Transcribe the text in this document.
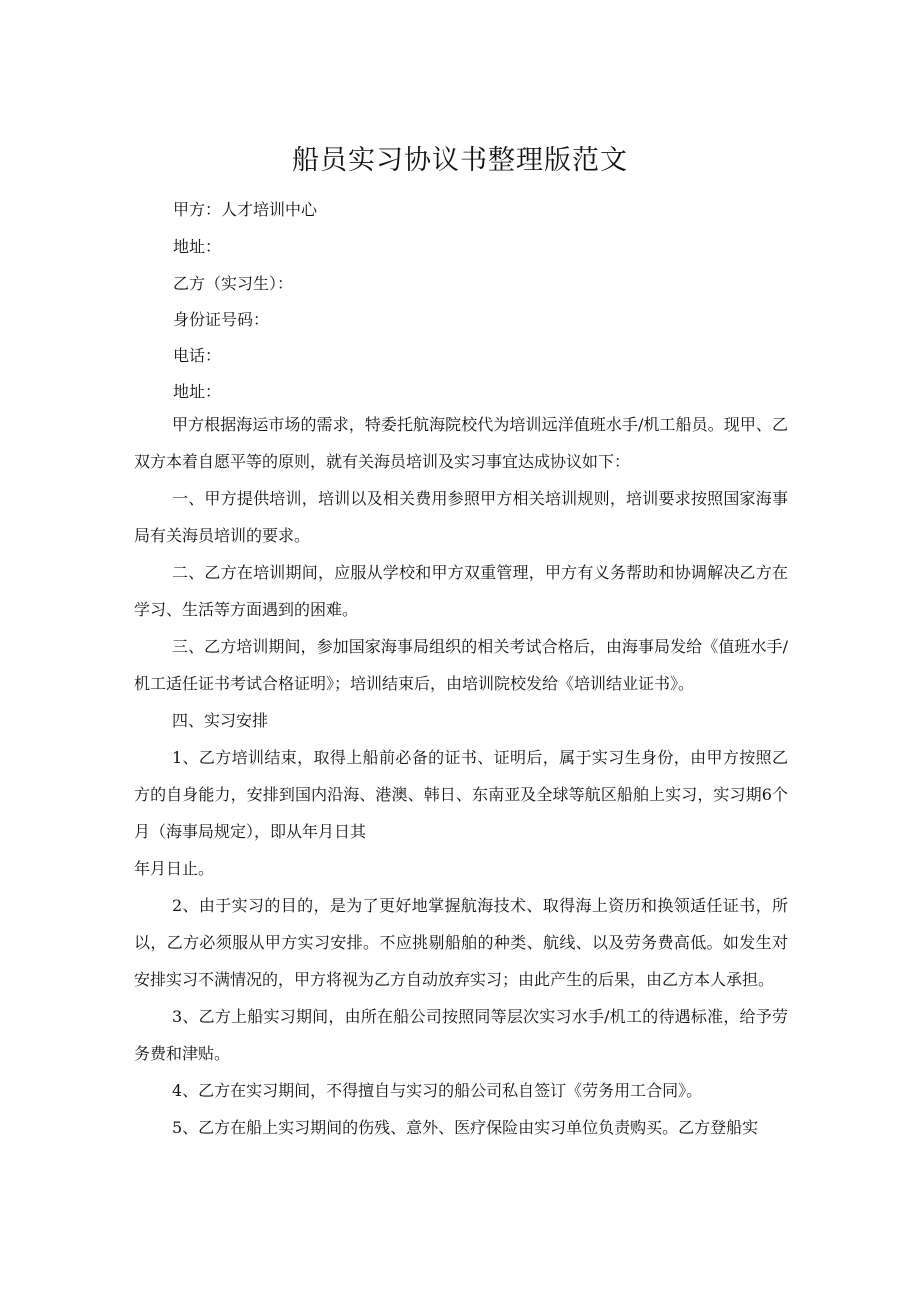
船员实习协议书整理版范文
甲方：人才培训中心
地址：
乙方（实习生）：
身份证号码：
电话：
地址：

甲方根据海运市场的需求，特委托航海院校代为培训远洋值班水手/机工船员。现甲、乙双方本着自愿平等的原则，就有关海员培训及实习事宜达成协议如下：

一、甲方提供培训，培训以及相关费用参照甲方相关培训规则，培训要求按照国家海事局有关海员培训的要求。

二、乙方在培训期间，应服从学校和甲方双重管理，甲方有义务帮助和协调解决乙方在学习、生活等方面遇到的困难。

三、乙方培训期间，参加国家海事局组织的相关考试合格后，由海事局发给《值班水手/机工适任证书考试合格证明》；培训结束后，由培训院校发给《培训结业证书》。

四、实习安排

1、乙方培训结束，取得上船前必备的证书、证明后，属于实习生身份，由甲方按照乙方的自身能力，安排到国内沿海、港澳、韩日、东南亚及全球等航区船舶上实习，实习期6个月（海事局规定），即从年月日其

年月日止。

2、由于实习的目的，是为了更好地掌握航海技术、取得海上资历和换领适任证书，所以，乙方必须服从甲方实习安排。不应挑剔船舶的种类、航线、以及劳务费高低。如发生对安排实习不满情况的，甲方将视为乙方自动放弃实习；由此产生的后果，由乙方本人承担。

3、乙方上船实习期间，由所在船公司按照同等层次实习水手/机工的待遇标准，给予劳务费和津贴。

4、乙方在实习期间，不得擅自与实习的船公司私自签订《劳务用工合同》。

5、乙方在船上实习期间的伤残、意外、医疗保险由实习单位负责购买。乙方登船实
